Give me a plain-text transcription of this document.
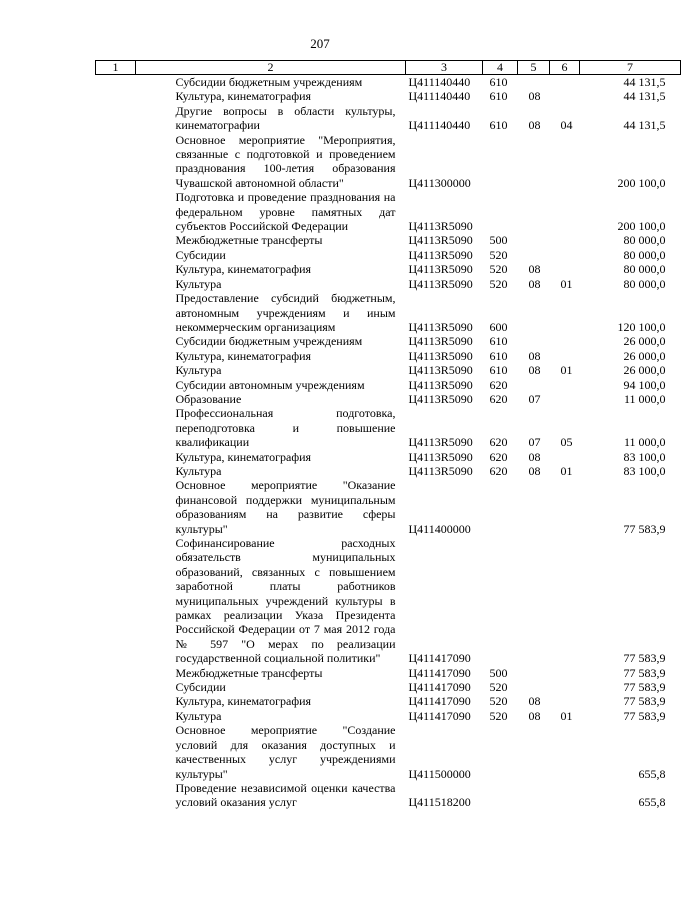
207
1	2	3	4	5	6	7
	Субсидии бюджетным учреждениям	Ц411140440	610			44 131,5
	Культура, кинематография	Ц411140440	610	08		44 131,5
	Другие вопросы в области культуры, кинематографии	Ц411140440	610	08	04	44 131,5
	Основное мероприятие "Мероприятия, связанные с подготовкой и проведением празднования 100-летия образования Чувашской автономной области"	Ц411300000				200 100,0
	Подготовка и проведение празднования на федеральном уровне памятных дат субъектов Российской Федерации	Ц4113R5090				200 100,0
	Межбюджетные трансферты	Ц4113R5090	500			80 000,0
	Субсидии	Ц4113R5090	520			80 000,0
	Культура, кинематография	Ц4113R5090	520	08		80 000,0
	Культура	Ц4113R5090	520	08	01	80 000,0
	Предоставление субсидий бюджетным, автономным учреждениям и иным некоммерческим организациям	Ц4113R5090	600			120 100,0
	Субсидии бюджетным учреждениям	Ц4113R5090	610			26 000,0
	Культура, кинематография	Ц4113R5090	610	08		26 000,0
	Культура	Ц4113R5090	610	08	01	26 000,0
	Субсидии автономным учреждениям	Ц4113R5090	620			94 100,0
	Образование	Ц4113R5090	620	07		11 000,0
	Профессиональная подготовка, переподготовка и повышение квалификации	Ц4113R5090	620	07	05	11 000,0
	Культура, кинематография	Ц4113R5090	620	08		83 100,0
	Культура	Ц4113R5090	620	08	01	83 100,0
	Основное мероприятие "Оказание финансовой поддержки муниципальным образованиям на развитие сферы культуры"	Ц411400000				77 583,9
	Софинансирование расходных обязательств муниципальных образований, связанных с повышением заработной платы работников муниципальных учреждений культуры в рамках реализации Указа Президента Российской Федерации от 7 мая 2012 года № 597 "О мерах по реализации государственной социальной политики"	Ц411417090				77 583,9
	Межбюджетные трансферты	Ц411417090	500			77 583,9
	Субсидии	Ц411417090	520			77 583,9
	Культура, кинематография	Ц411417090	520	08		77 583,9
	Культура	Ц411417090	520	08	01	77 583,9
	Основное мероприятие "Создание условий для оказания доступных и качественных услуг учреждениями культуры"	Ц411500000				655,8
	Проведение независимой оценки качества условий оказания услуг	Ц411518200				655,8
